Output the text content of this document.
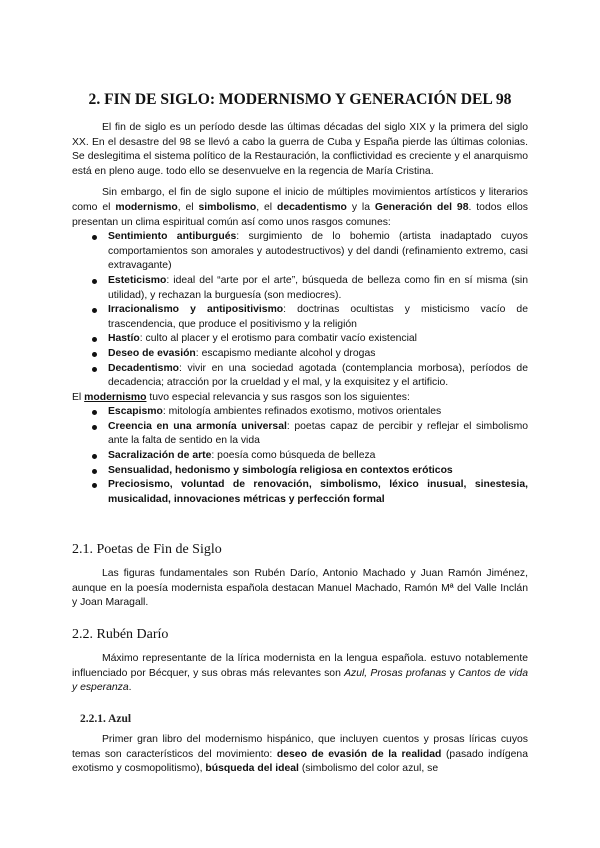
2. FIN DE SIGLO: MODERNISMO Y GENERACIÓN DEL 98

El fin de siglo es un período desde las últimas décadas del siglo XIX y la primera del siglo XX. En el desastre del 98 se llevó a cabo la guerra de Cuba y España pierde las últimas colonias. Se deslegitima el sistema político de la Restauración, la conflictividad es creciente y el anarquismo está en pleno auge. todo ello se desenvuelve en la regencia de María Cristina.

Sin embargo, el fin de siglo supone el inicio de múltiples movimientos artísticos y literarios como el modernismo, el simbolismo, el decadentismo y la Generación del 98. todos ellos presentan un clima espiritual común así como unos rasgos comunes:

Sentimiento antiburgués: surgimiento de lo bohemio (artista inadaptado cuyos comportamientos son amorales y autodestructivos) y del dandi (refinamiento extremo, casi extravagante)
Esteticismo: ideal del “arte por el arte”, búsqueda de belleza como fin en sí misma (sin utilidad), y rechazan la burguesía (son mediocres).
Irracionalismo y antipositivismo: doctrinas ocultistas y misticismo vacío de trascendencia, que produce el positivismo y la religión
Hastío: culto al placer y el erotismo para combatir vacío existencial
Deseo de evasión: escapismo mediante alcohol y drogas
Decadentismo: vivir en una sociedad agotada (contemplancia morbosa), períodos de decadencia; atracción por la crueldad y el mal, y la exquisitez y el artificio.

El modernismo tuvo especial relevancia y sus rasgos son los siguientes:

Escapismo: mitología ambientes refinados exotismo, motivos orientales
Creencia en una armonía universal: poetas capaz de percibir y reflejar el simbolismo ante la falta de sentido en la vida
Sacralización de arte: poesía como búsqueda de belleza
Sensualidad, hedonismo y simbología religiosa en contextos eróticos
Preciosismo, voluntad de renovación, simbolismo, léxico inusual, sinestesia, musicalidad, innovaciones métricas y perfección formal
2.1. Poetas de Fin de Siglo

Las figuras fundamentales son Rubén Darío, Antonio Machado y Juan Ramón Jiménez, aunque en la poesía modernista española destacan Manuel Machado, Ramón Mª del Valle Inclán y Joan Maragall.

2.2. Rubén Darío

Máximo representante de la lírica modernista en la lengua española. estuvo notablemente influenciado por Bécquer, y sus obras más relevantes son Azul, Prosas profanas y Cantos de vida y esperanza.

2.2.1. Azul

Primer gran libro del modernismo hispánico, que incluyen cuentos y prosas líricas cuyos temas son característicos del movimiento: deseo de evasión de la realidad (pasado indígena exotismo y cosmopolitismo), búsqueda del ideal (simbolismo del color azul, se
